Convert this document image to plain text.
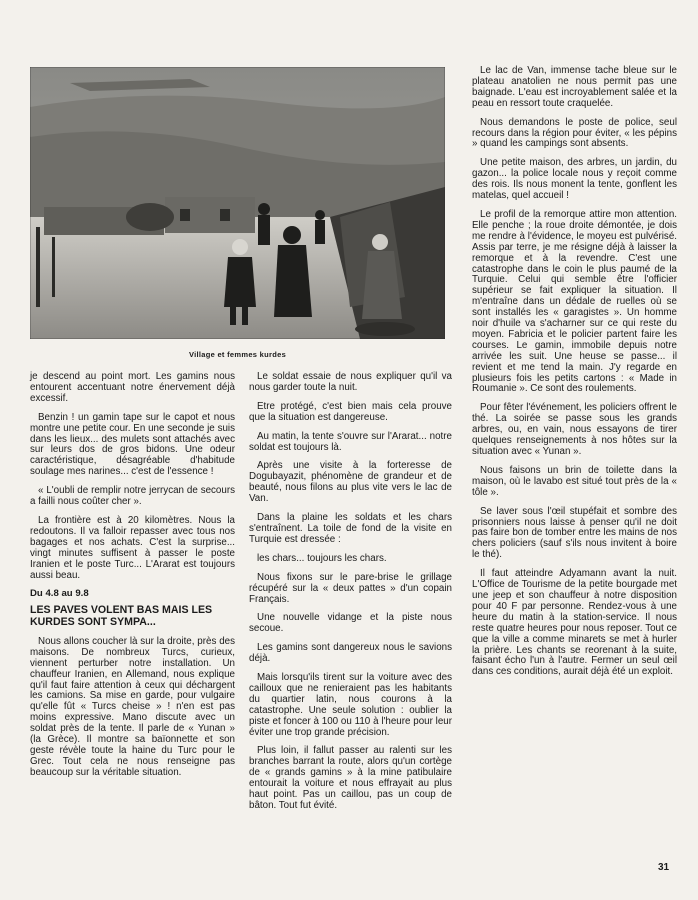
Village et femmes kurdes

je descend au point mort. Les gamins nous entourent accentuant notre énervement déjà excessif.

Benzin ! un gamin tape sur le capot et nous montre une petite cour. En une seconde je suis dans les lieux... des mulets sont attachés avec sur leurs dos de gros bidons. Une odeur caractéristique, désagréable d'habitude soulage mes narines... c'est de l'essence !

« L'oubli de remplir notre jerrycan de secours a failli nous coûter cher ».

La frontière est à 20 kilomètres. Nous la redoutons. Il va falloir repasser avec tous nos bagages et nos achats. C'est la surprise... vingt minutes suffisent à passer le poste Iranien et le poste Turc... L'Ararat est toujours aussi beau.

Du 4.8 au 9.8
LES PAVES VOLENT BAS MAIS LES KURDES SONT SYMPA...

Nous allons coucher là sur la droite, près des maisons. De nombreux Turcs, curieux, viennent perturber notre installation. Un chauffeur Iranien, en Allemand, nous explique qu'il faut faire attention à ceux qui déchargent les camions. Sa mise en garde, pour vulgaire qu'elle fût « Turcs cheise » ! n'en est pas moins expressive. Mano discute avec un soldat près de la tente. Il parle de « Yunan » (la Grèce). Il montre sa baïonnette et son geste révèle toute la haine du Turc pour le Grec. Tout cela ne nous renseigne pas beaucoup sur la véritable situation.

Le soldat essaie de nous expliquer qu'il va nous garder toute la nuit.

Etre protégé, c'est bien mais cela prouve que la situation est dangereuse.

Au matin, la tente s'ouvre sur l'Ararat... notre soldat est toujours là.

Après une visite à la forteresse de Dogubayazit, phénomène de grandeur et de beauté, nous filons au plus vite vers le lac de Van.

Dans la plaine les soldats et les chars s'entraînent. La toile de fond de la visite en Turquie est dressée :

les chars... toujours les chars.

Nous fixons sur le pare-brise le grillage récupéré sur la « deux pattes » d'un copain Français.

Une nouvelle vidange et la piste nous secoue.

Les gamins sont dangereux nous le savions déjà.

Mais lorsqu'ils tirent sur la voiture avec des cailloux que ne renieraient pas les habitants du quartier latin, nous courons à la catastrophe. Une seule solution : oublier la piste et foncer à 100 ou 110 à l'heure pour leur éviter une trop grande précision.

Plus loin, il fallut passer au ralenti sur les branches barrant la route, alors qu'un cortège de « grands gamins » à la mine patibulaire entourait la voiture et nous effrayait au plus haut point. Pas un caillou, pas un coup de bâton. Tout fut évité.

Le lac de Van, immense tache bleue sur le plateau anatolien ne nous permit pas une baignade. L'eau est incroyablement salée et la peau en ressort toute craquelée.

Nous demandons le poste de police, seul recours dans la région pour éviter, « les pépins » quand les campings sont absents.

Une petite maison, des arbres, un jardin, du gazon... la police locale nous y reçoit comme des rois. Ils nous monent la tente, gonflent les matelas, quel accueil !

Le profil de la remorque attire mon attention. Elle penche ; la roue droite démontée, je dois me rendre à l'évidence, le moyeu est pulvérisé. Assis par terre, je me résigne déjà à laisser la remorque et à la revendre. C'est une catastrophe dans le coin le plus paumé de la Turquie. Celui qui semble être l'officier supérieur se fait expliquer la situation. Il m'entraîne dans un dédale de ruelles où se sont installés les « garagistes ». Un homme noir d'huile va s'acharner sur ce qui reste du moyen. Fabricia et le policier partent faire les courses. Le gamin, immobile depuis notre arrivée les suit. Une heuse se passe... il revient et me tend la main. J'y regarde en plusieurs fois les petits cartons : « Made in Roumanie ». Ce sont des roulements.

Pour fêter l'événement, les policiers offrent le thé. La soirée se passe sous les grands arbres, ou, en vain, nous essayons de tirer quelques renseignements à nos hôtes sur la situation avec « Yunan ».

Nous faisons un brin de toilette dans la maison, où le lavabo est situé tout près de la « tôle ».

Se laver sous l'œil stupéfait et sombre des prisonniers nous laisse à penser qu'il ne doit pas faire bon de tomber entre les mains de nos chers policiers (sauf s'ils nous invitent à boire le thé).

Il faut atteindre Adyamann avant la nuit. L'Office de Tourisme de la petite bourgade met une jeep et son chauffeur à notre disposition pour 40 F par personne. Rendez-vous à une heure du matin à la station-service. Il nous reste quatre heures pour nous reposer. Tout ce que la ville a comme minarets se met à hurler la prière. Les chants se reorenant à la suite, faisant écho l'un à l'autre. Fermer un seul œil dans ces conditions, aurait déjà été un exploit.

31
